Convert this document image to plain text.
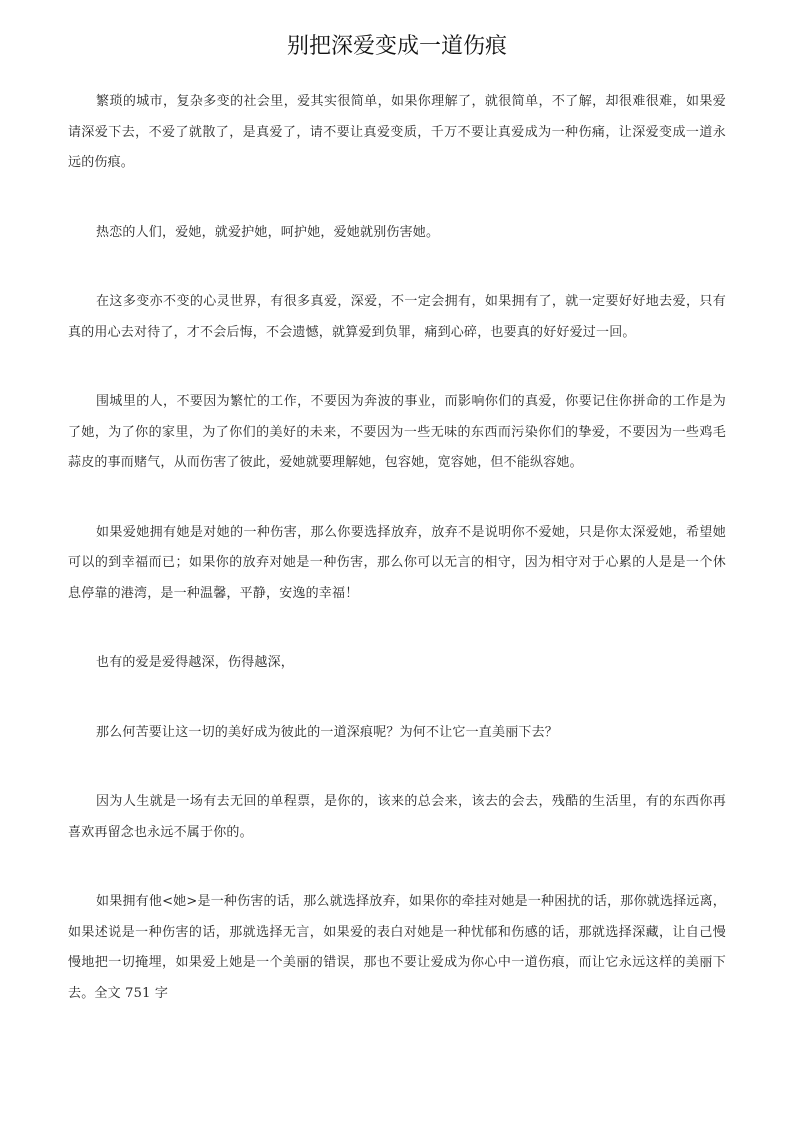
别把深爱变成一道伤痕

繁琐的城市，复杂多变的社会里，爱其实很简单，如果你理解了，就很简单，不了解，却很难很难，如果爱请深爱下去，不爱了就散了，是真爱了，请不要让真爱变质，千万不要让真爱成为一种伤痛，让深爱变成一道永远的伤痕。

热恋的人们，爱她，就爱护她，呵护她，爱她就别伤害她。

在这多变亦不变的心灵世界，有很多真爱，深爱，不一定会拥有，如果拥有了，就一定要好好地去爱，只有真的用心去对待了，才不会后悔，不会遗憾，就算爱到负罪，痛到心碎，也要真的好好爱过一回。

围城里的人，不要因为繁忙的工作，不要因为奔波的事业，而影响你们的真爱，你要记住你拼命的工作是为了她，为了你的家里，为了你们的美好的未来，不要因为一些无味的东西而污染你们的挚爱，不要因为一些鸡毛蒜皮的事而赌气，从而伤害了彼此，爱她就要理解她，包容她，宽容她，但不能纵容她。

如果爱她拥有她是对她的一种伤害，那么你要选择放弃，放弃不是说明你不爱她，只是你太深爱她，希望她可以的到幸福而已；如果你的放弃对她是一种伤害，那么你可以无言的相守，因为相守对于心累的人是是一个休息停靠的港湾，是一种温馨，平静，安逸的幸福！

也有的爱是爱得越深，伤得越深，

那么何苦要让这一切的美好成为彼此的一道深痕呢？为何不让它一直美丽下去？

因为人生就是一场有去无回的单程票，是你的，该来的总会来，该去的会去，残酷的生活里，有的东西你再喜欢再留念也永远不属于你的。

如果拥有他<她>是一种伤害的话，那么就选择放弃，如果你的牵挂对她是一种困扰的话，那你就选择远离，如果述说是一种伤害的话，那就选择无言，如果爱的表白对她是一种忧郁和伤感的话，那就选择深藏，让自己慢慢地把一切掩埋，如果爱上她是一个美丽的错误，那也不要让爱成为你心中一道伤痕，而让它永远这样的美丽下去。全文 751 字
